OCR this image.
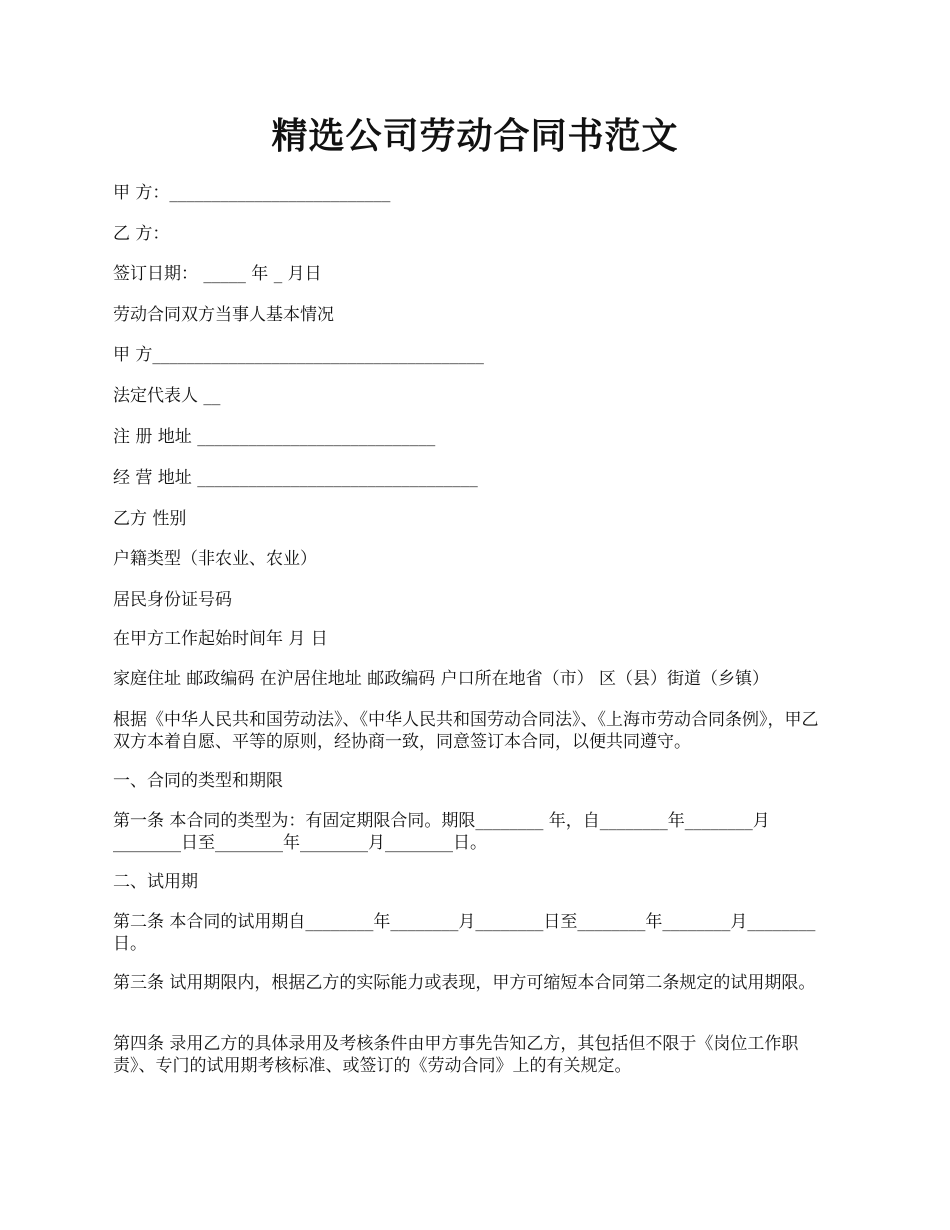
精选公司劳动合同书范文
甲 方：__________________________
乙 方：
签订日期： _____ 年 _ 月日
劳动合同双方当事人基本情况
甲 方_______________________________________
法定代表人 __
注 册 地址 ____________________________
经 营 地址 _________________________________
乙方 性别
户籍类型（非农业、农业）
居民身份证号码
在甲方工作起始时间年 月 日
家庭住址 邮政编码 在沪居住地址 邮政编码 户口所在地省（市） 区（县）街道（乡镇）
根据《中华人民共和国劳动法》、《中华人民共和国劳动合同法》、《上海市劳动合同条例》，甲乙双方本着自愿、平等的原则，经协商一致，同意签订本合同，以便共同遵守。
一、合同的类型和期限
第一条 本合同的类型为：有固定期限合同。期限________ 年，自________年________月________日至________年________月________日。
二、试用期
第二条 本合同的试用期自________年________月________日至________年________月________日。
第三条 试用期限内，根据乙方的实际能力或表现，甲方可缩短本合同第二条规定的试用期限。
第四条 录用乙方的具体录用及考核条件由甲方事先告知乙方，其包括但不限于《岗位工作职责》、专门的试用期考核标准、或签订的《劳动合同》上的有关规定。
